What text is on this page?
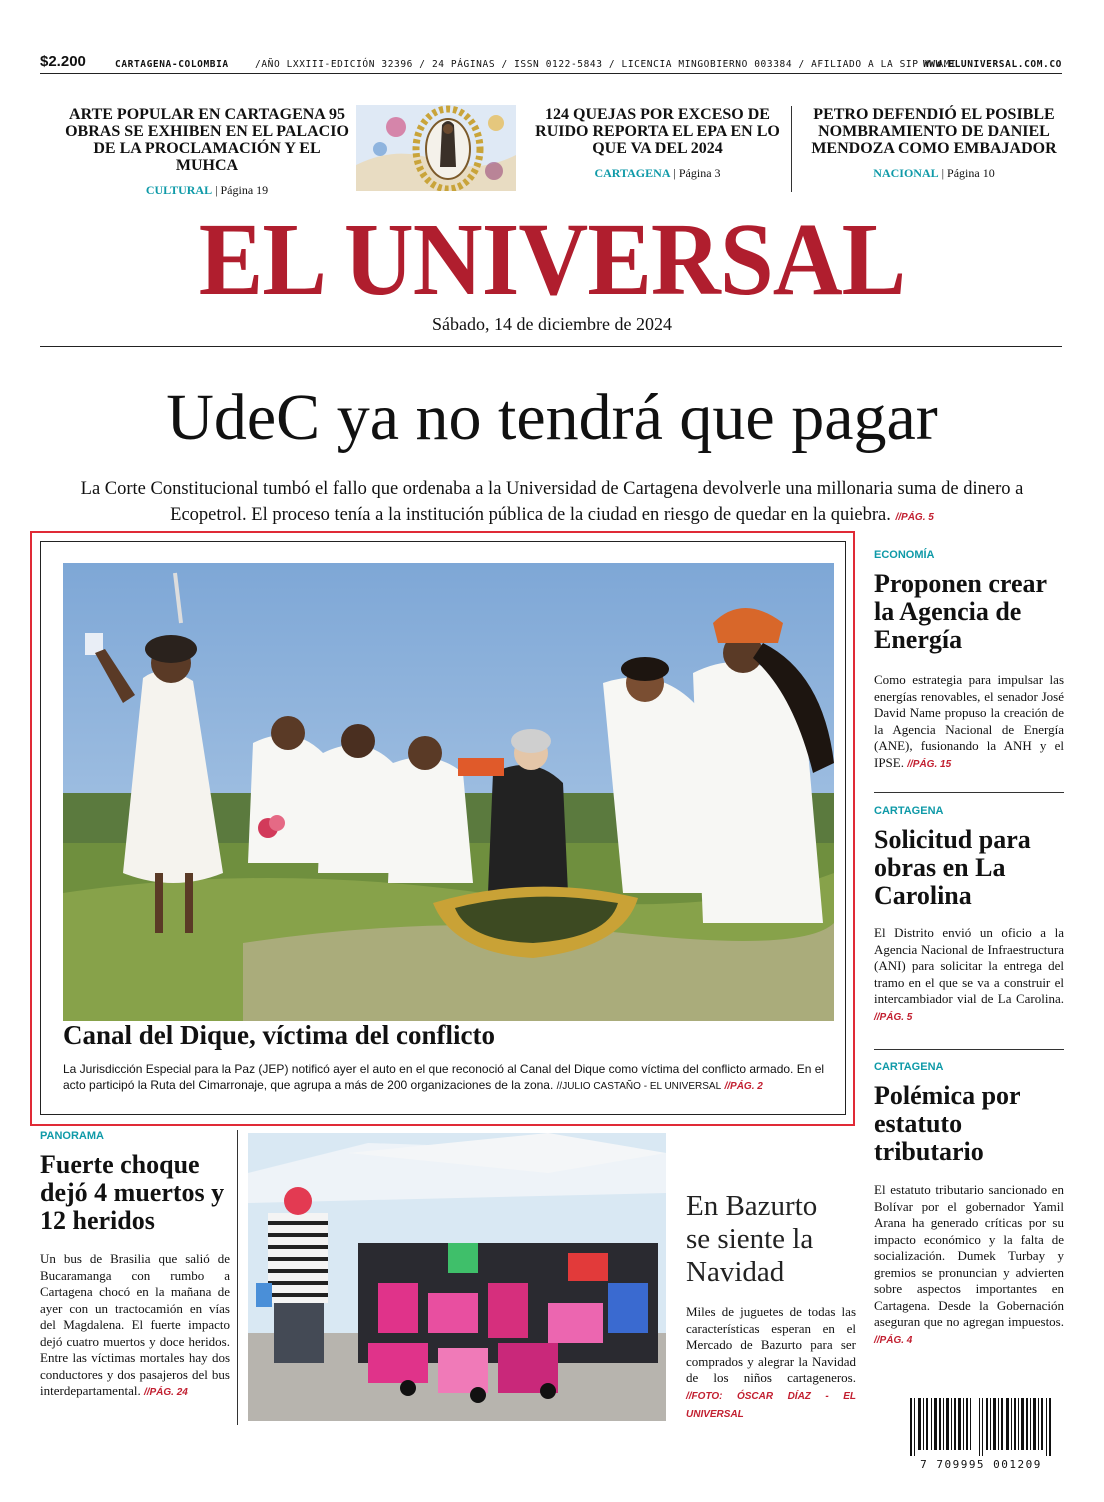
$2.200	CARTAGENA-COLOMBIA	/AÑO LXXIII-EDICIÓN 32396 / 24 PÁGINAS / ISSN 0122-5843 / LICENCIA MINGOBIERNO 003384 / AFILIADO A LA SIP Y AMI
WWW.ELUNIVERSAL.COM.CO
ARTE POPULAR EN CARTAGENA 95 OBRAS SE EXHIBEN EN EL PALACIO DE LA PROCLAMACIÓN Y EL MUHCA
CULTURAL | Página 19
124 QUEJAS POR EXCESO DE RUIDO REPORTA EL EPA EN LO QUE VA DEL 2024
CARTAGENA | Página 3
PETRO DEFENDIÓ EL POSIBLE NOMBRAMIENTO DE DANIEL MENDOZA COMO EMBAJADOR
NACIONAL | Página 10
EL UNIVERSAL
Sábado, 14 de diciembre de 2024
UdeC ya no tendrá que pagar
La Corte Constitucional tumbó el fallo que ordenaba a la Universidad de Cartagena devolverle una millonaria suma de dinero a Ecopetrol. El proceso tenía a la institución pública de la ciudad en riesgo de quedar en la quiebra. //PÁG. 5
Canal del Dique, víctima del conflicto
La Jurisdicción Especial para la Paz (JEP) notificó ayer el auto en el que reconoció al Canal del Dique como víctima del conflicto armado. En el acto participó la Ruta del Cimarronaje, que agrupa a más de 200 organizaciones de la zona. //JULIO CASTAÑO - EL UNIVERSAL //PÁG. 2
ECONOMÍA
Proponen crear la Agencia de Energía
Como estrategia para impulsar las energías renovables, el senador José David Name propuso la creación de la Agencia Nacional de Energía (ANE), fusionando la ANH y el IPSE. //PÁG. 15
CARTAGENA
Solicitud para obras en La Carolina
El Distrito envió un oficio a la Agencia Nacional de Infraestructura (ANI) para solicitar la entrega del tramo en el que se va a construir el intercambiador vial de La Carolina. //PÁG. 5
CARTAGENA
Polémica por estatuto tributario
El estatuto tributario sancionado en Bolívar por el gobernador Yamil Arana ha generado críticas por su impacto económico y la falta de socialización. Dumek Turbay y gremios se pronuncian y advierten sobre aspectos importantes en Cartagena. Desde la Gobernación aseguran que no agregan impuestos. //PÁG. 4
PANORAMA
Fuerte choque dejó 4 muertos y 12 heridos
Un bus de Brasilia que salió de Bucaramanga con rumbo a Cartagena chocó en la mañana de ayer con un tractocamión en vías del Magdalena. El fuerte impacto dejó cuatro muertos y doce heridos. Entre las víctimas mortales hay dos conductores y dos pasajeros del bus interdepartamental. //PÁG. 24
En Bazurto se siente la Navidad
Miles de juguetes de todas las características esperan en el Mercado de Bazurto para ser comprados y alegrar la Navidad de los niños cartageneros. //FOTO: ÓSCAR DÍAZ - EL UNIVERSAL
7 709995 001209
